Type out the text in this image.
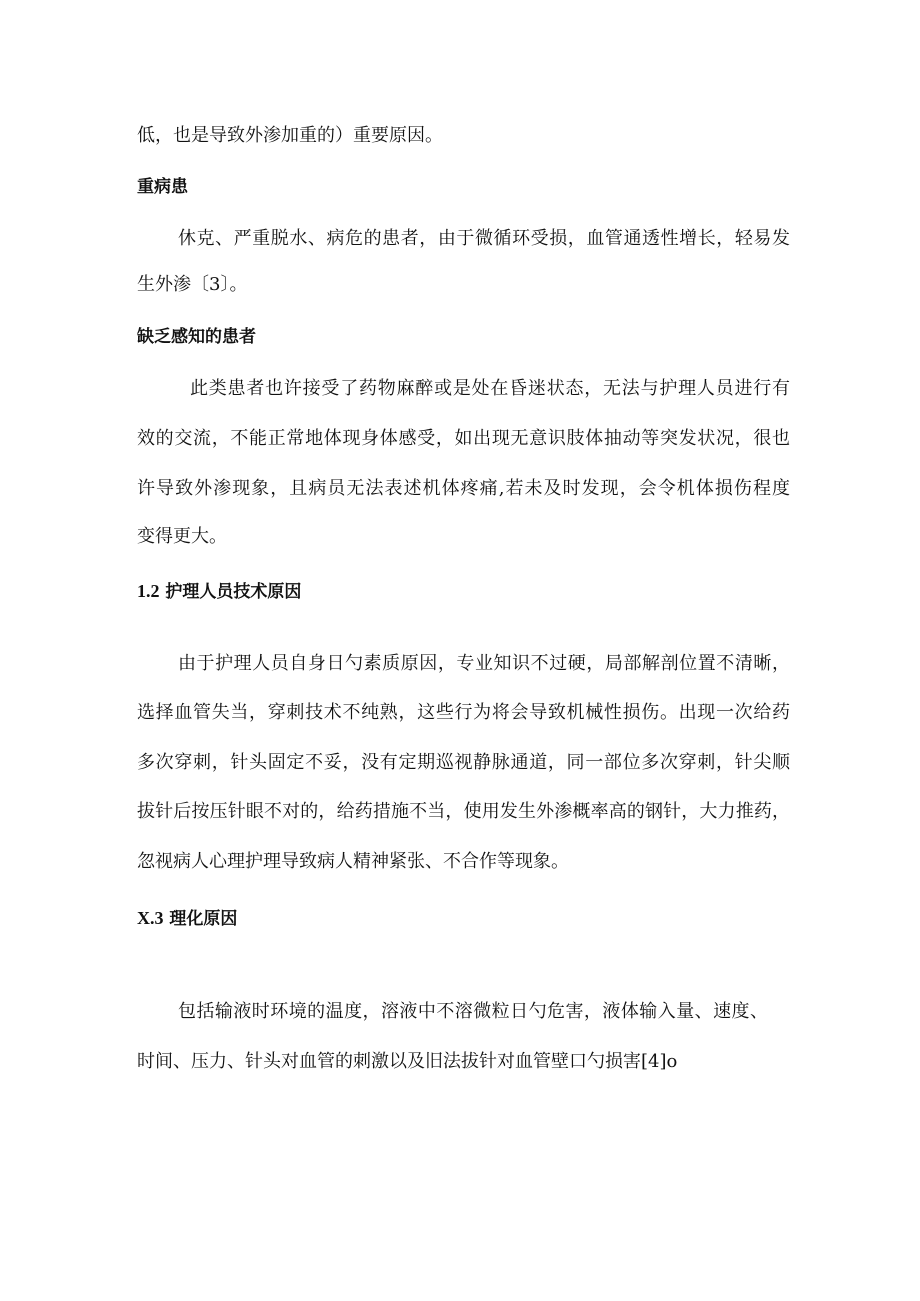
低，也是导致外渗加重的）重要原因。
重病患
休克、严重脱水、病危的患者，由于微循环受损，血管通透性增长，轻易发
生外渗〔3〕。
缺乏感知的患者
此类患者也许接受了药物麻醉或是处在昏迷状态，无法与护理人员进行有
效的交流，不能正常地体现身体感受，如出现无意识肢体抽动等突发状况，很也
许导致外渗现象，且病员无法表述机体疼痛,若未及时发现，会令机体损伤程度
变得更大。
1.2 护理人员技术原因
由于护理人员自身日勺素质原因，专业知识不过硬，局部解剖位置不清晰，
选择血管失当，穿刺技术不纯熟，这些行为将会导致机械性损伤。出现一次给药
多次穿刺，针头固定不妥，没有定期巡视静脉通道，同一部位多次穿刺，针尖顺
拔针后按压针眼不对的，给药措施不当，使用发生外渗概率高的钢针，大力推药，
忽视病人心理护理导致病人精神紧张、不合作等现象。
X.3 理化原因
包括输液时环境的温度，溶液中不溶微粒日勺危害，液体输入量、速度、
时间、压力、针头对血管的刺激以及旧法拔针对血管壁口勺损害[4]o
